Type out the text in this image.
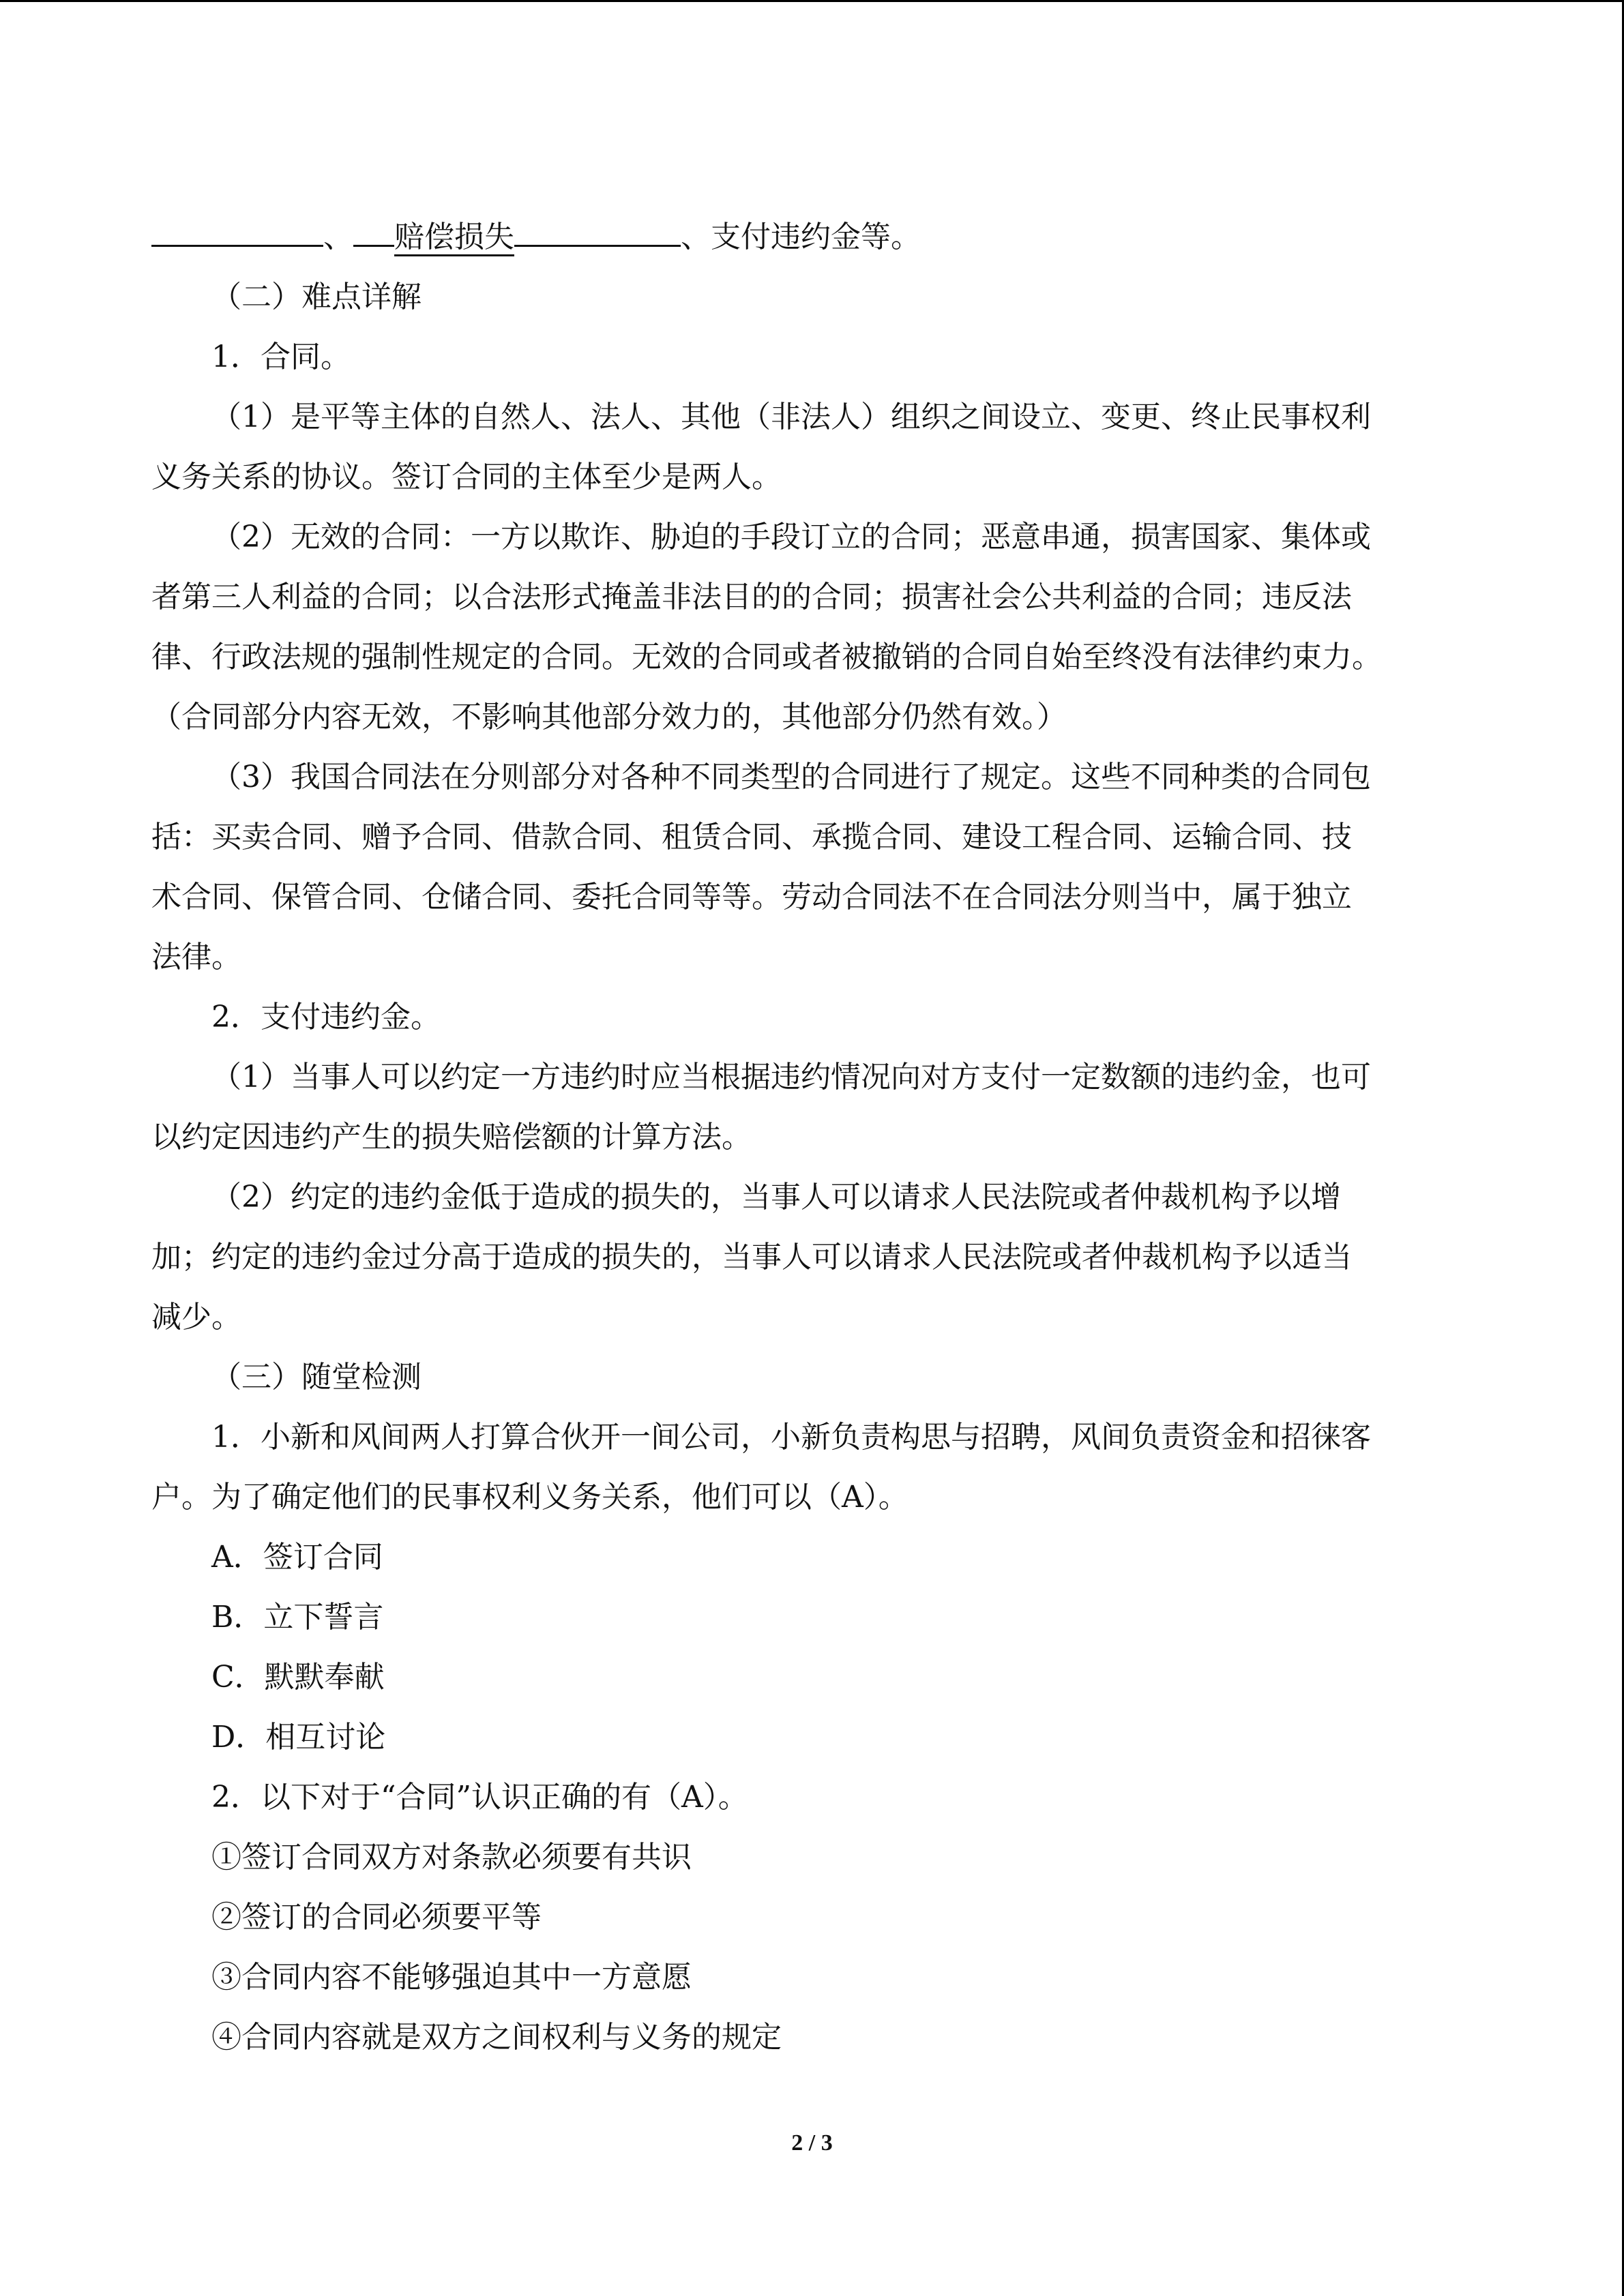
、 赔偿损失	、支付违约金等。
（二）难点详解
1．合同。
（1）是平等主体的自然人、法人、其他（非法人）组织之间设立、变更、终止民事权利
义务关系的协议。签订合同的主体至少是两人。
（2）无效的合同：一方以欺诈、胁迫的手段订立的合同；恶意串通，损害国家、集体或
者第三人利益的合同；以合法形式掩盖非法目的的合同；损害社会公共利益的合同；违反法
律、行政法规的强制性规定的合同。无效的合同或者被撤销的合同自始至终没有法律约束力。
（合同部分内容无效，不影响其他部分效力的，其他部分仍然有效。）
（3）我国合同法在分则部分对各种不同类型的合同进行了规定。这些不同种类的合同包
括：买卖合同、赠予合同、借款合同、租赁合同、承揽合同、建设工程合同、运输合同、技
术合同、保管合同、仓储合同、委托合同等等。劳动合同法不在合同法分则当中，属于独立
法律。
2．支付违约金。
（1）当事人可以约定一方违约时应当根据违约情况向对方支付一定数额的违约金，也可
以约定因违约产生的损失赔偿额的计算方法。
（2）约定的违约金低于造成的损失的，当事人可以请求人民法院或者仲裁机构予以增
加；约定的违约金过分高于造成的损失的，当事人可以请求人民法院或者仲裁机构予以适当
减少。
（三）随堂检测
1．小新和风间两人打算合伙开一间公司，小新负责构思与招聘，风间负责资金和招徕客
户。为了确定他们的民事权利义务关系，他们可以（A）。
A．签订合同
B．立下誓言
C．默默奉献
D．相互讨论
2．以下对于“合同”认识正确的有（A）。
①签订合同双方对条款必须要有共识
②签订的合同必须要平等
③合同内容不能够强迫其中一方意愿
④合同内容就是双方之间权利与义务的规定
2 / 3
